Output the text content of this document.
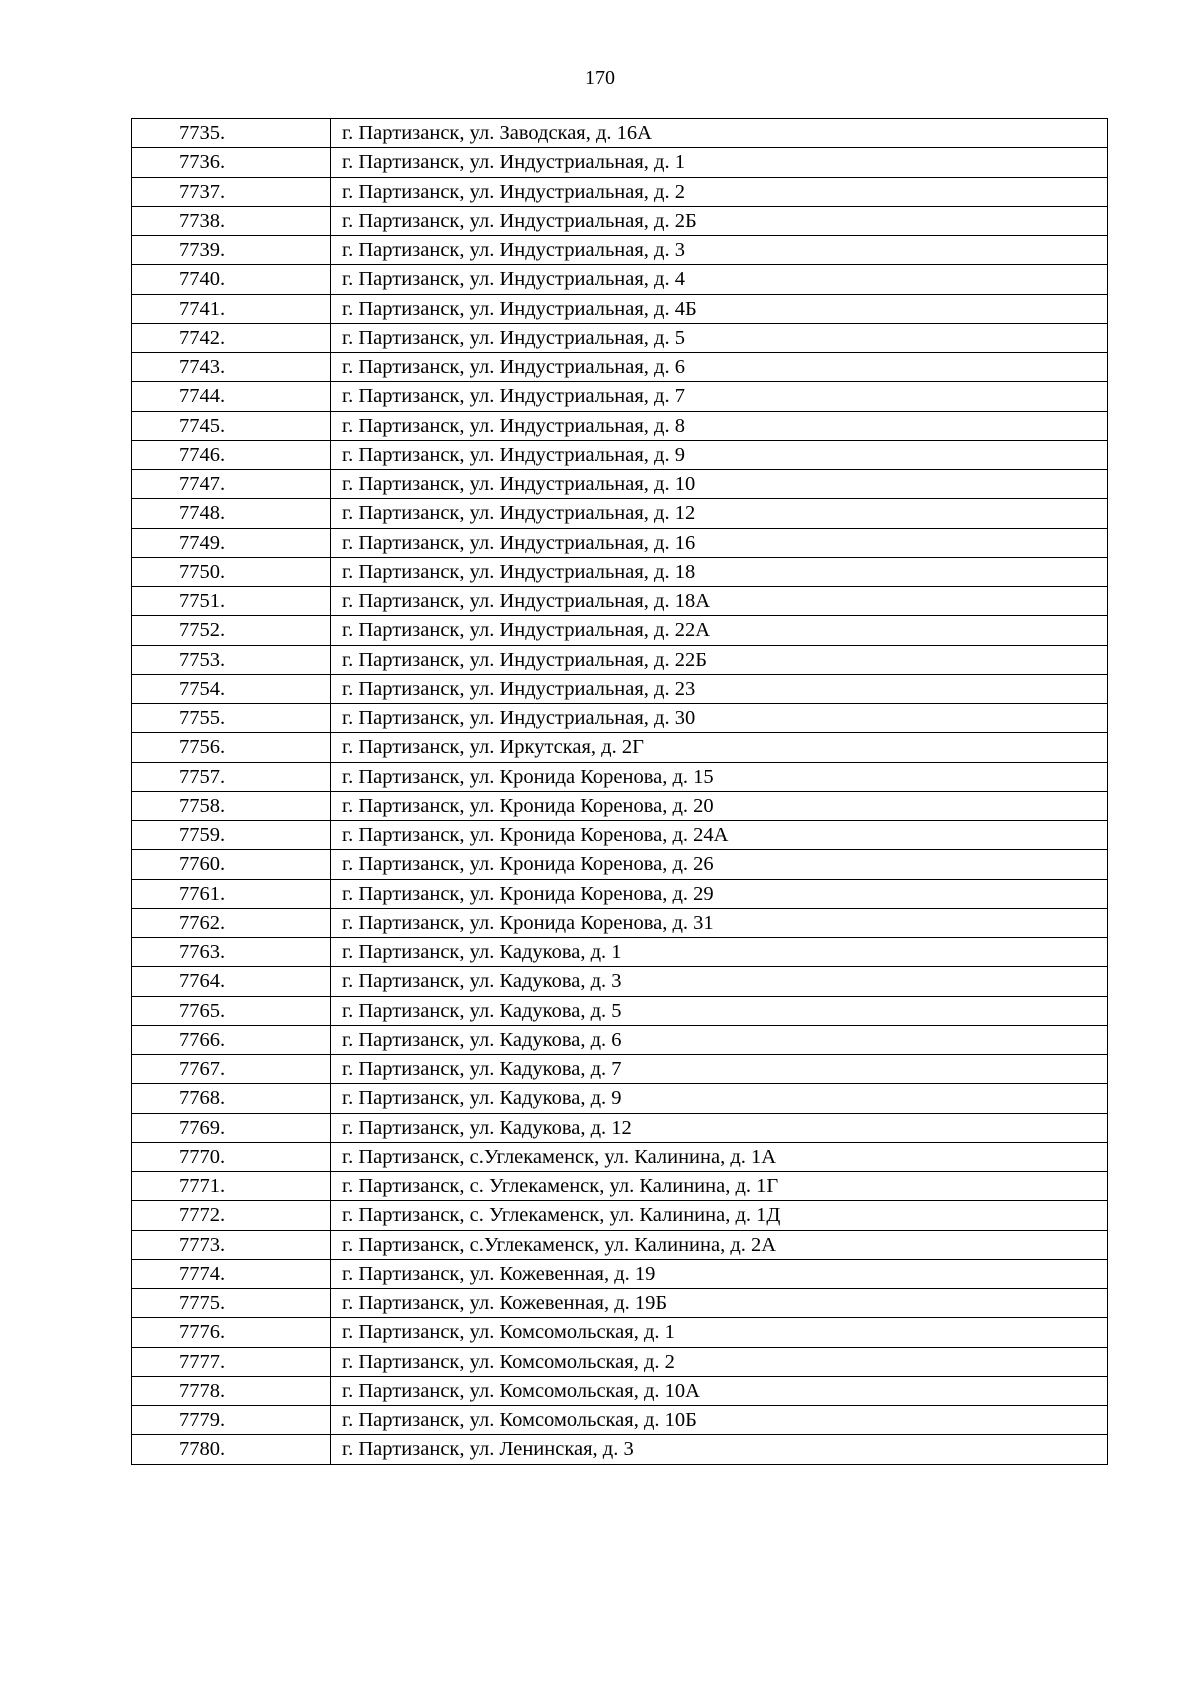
170
7735.	г. Партизанск, ул. Заводская, д. 16А
7736.	г. Партизанск, ул. Индустриальная, д. 1
7737.	г. Партизанск, ул. Индустриальная, д. 2
7738.	г. Партизанск, ул. Индустриальная, д. 2Б
7739.	г. Партизанск, ул. Индустриальная, д. 3
7740.	г. Партизанск, ул. Индустриальная, д. 4
7741.	г. Партизанск, ул. Индустриальная, д. 4Б
7742.	г. Партизанск, ул. Индустриальная, д. 5
7743.	г. Партизанск, ул. Индустриальная, д. 6
7744.	г. Партизанск, ул. Индустриальная, д. 7
7745.	г. Партизанск, ул. Индустриальная, д. 8
7746.	г. Партизанск, ул. Индустриальная, д. 9
7747.	г. Партизанск, ул. Индустриальная, д. 10
7748.	г. Партизанск, ул. Индустриальная, д. 12
7749.	г. Партизанск, ул. Индустриальная, д. 16
7750.	г. Партизанск, ул. Индустриальная, д. 18
7751.	г. Партизанск, ул. Индустриальная, д. 18А
7752.	г. Партизанск, ул. Индустриальная, д. 22А
7753.	г. Партизанск, ул. Индустриальная, д. 22Б
7754.	г. Партизанск, ул. Индустриальная, д. 23
7755.	г. Партизанск, ул. Индустриальная, д. 30
7756.	г. Партизанск, ул. Иркутская, д. 2Г
7757.	г. Партизанск, ул. Кронида Коренова, д. 15
7758.	г. Партизанск, ул. Кронида Коренова, д. 20
7759.	г. Партизанск, ул. Кронида Коренова, д. 24А
7760.	г. Партизанск, ул. Кронида Коренова, д. 26
7761.	г. Партизанск, ул. Кронида Коренова, д. 29
7762.	г. Партизанск, ул. Кронида Коренова, д. 31
7763.	г. Партизанск, ул. Кадукова, д. 1
7764.	г. Партизанск, ул. Кадукова, д. 3
7765.	г. Партизанск, ул. Кадукова, д. 5
7766.	г. Партизанск, ул. Кадукова, д. 6
7767.	г. Партизанск, ул. Кадукова, д. 7
7768.	г. Партизанск, ул. Кадукова, д. 9
7769.	г. Партизанск, ул. Кадукова, д. 12
7770.	г. Партизанск, с.Углекаменск, ул. Калинина, д. 1А
7771.	г. Партизанск, с. Углекаменск, ул. Калинина, д. 1Г
7772.	г. Партизанск, с. Углекаменск, ул. Калинина, д. 1Д
7773.	г. Партизанск, с.Углекаменск, ул. Калинина, д. 2А
7774.	г. Партизанск, ул. Кожевенная, д. 19
7775.	г. Партизанск, ул. Кожевенная, д. 19Б
7776.	г. Партизанск, ул. Комсомольская, д. 1
7777.	г. Партизанск, ул. Комсомольская, д. 2
7778.	г. Партизанск, ул. Комсомольская, д. 10А
7779.	г. Партизанск, ул. Комсомольская, д. 10Б
7780.	г. Партизанск, ул. Ленинская, д. 3
